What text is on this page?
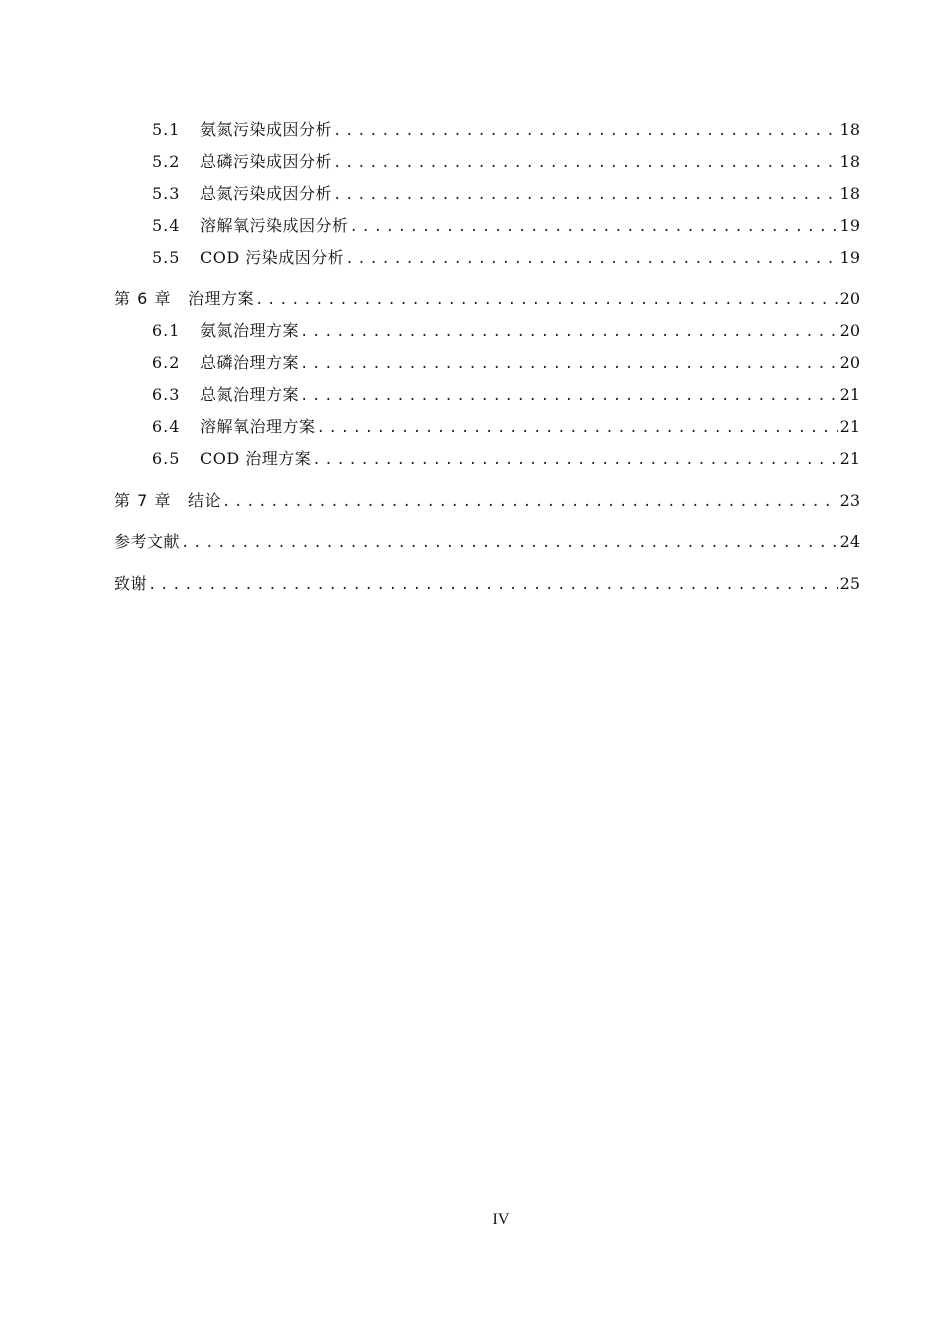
5.1	氨氮污染成因分析 .....	18
5.2	总磷污染成因分析 .....	18
5.3	总氮污染成因分析 .....	18
5.4	溶解氧污染成因分析 .....	19
5.5	COD 污染成因分析 .....	19
第 6 章	治理方案 .....	20
6.1	氨氮治理方案 .....	20
6.2	总磷治理方案 .....	20
6.3	总氮治理方案 .....	21
6.4	溶解氧治理方案 .....	21
6.5	COD 治理方案 .....	21
第 7 章	结论 .....	23
参考文献 .....	24
致谢 .....	25
IV
